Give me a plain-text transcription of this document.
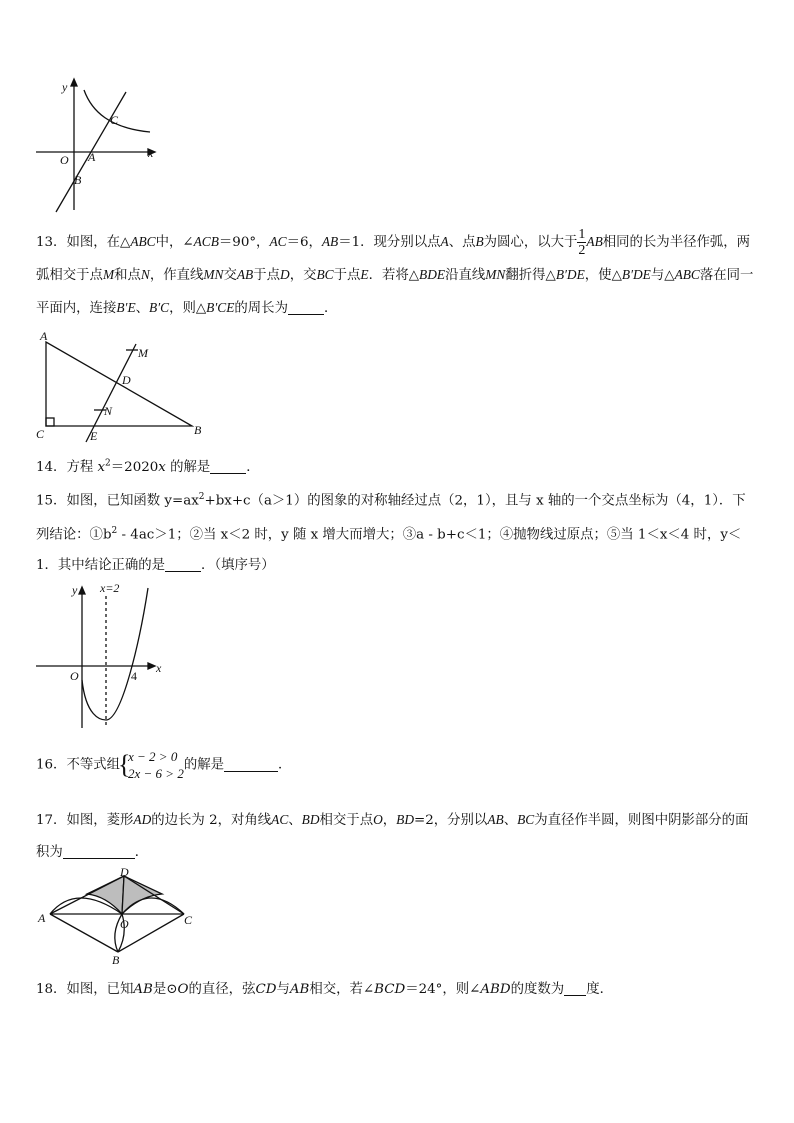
y
x
O A
B
C

13．如图，在△ABC中，∠ACB＝90°，AC＝6，AB＝1．现分别以点A、点B为圆心，以大于 $\frac{1}{2}$ AB相同的长为半径作弧，两弧相交于点M和点N，作直线MN交AB于点D，交BC于点E．若将△BDE沿直线MN翻折得△B′DE，使△B′DE与△ABC落在同一平面内，连接B′E、B′C，则△B′CE的周长为	．

A
C	B
M
D
N
E

14．方程 $x^2=2020x$ 的解是	．

15．如图，已知函数 $y=ax^2+bx+c(a>1)$的图象的对称轴经过点（2，1），且与 x 轴的一个交点坐标为（4，1）．下列结论：$①b^2 - 4ac>1$；②当 x＜2 时，y 随 x 增大而增大；③a - b+c＜1；④抛物线过原点；⑤当 1＜x＜4 时，y＜1．其中结论正确的是	．（填序号）

y
x
O	4
x=2
16．不等式组
{
x − 2 > 0
2x − 6 > 2
的解是	．

17．如图，菱形AD的边长为 2，对角线AC、BD相交于点O，BD=2，分别以AB、BC为直径作半圆，则图中阴影部分的面积为	．

A
D
O	C
B

18．如图，已知AB是⊙O的直径，弦CD与AB相交，若∠BCD＝24°，则∠ABD的度数为 度．
